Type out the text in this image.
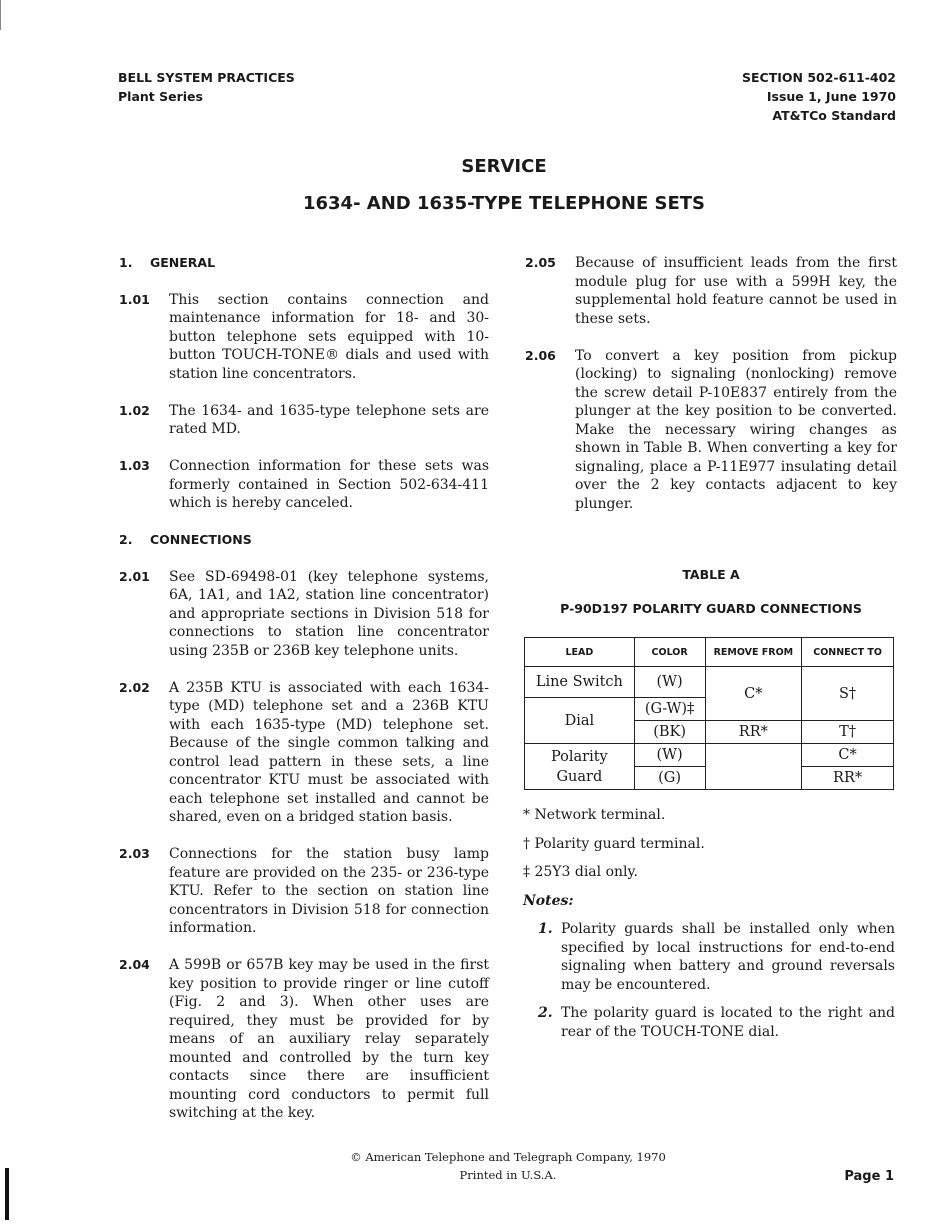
BELL SYSTEM PRACTICES
Plant Series
SECTION 502-611-402
Issue 1, June 1970
AT&TCo Standard
SERVICE
1634- AND 1635-TYPE TELEPHONE SETS
1. GENERAL
1.01 This section contains connection and maintenance information for 18- and 30-button telephone sets equipped with 10-button TOUCH-TONE® dials and used with station line concentrators.
1.02 The 1634- and 1635-type telephone sets are rated MD.
1.03 Connection information for these sets was formerly contained in Section 502-634-411 which is hereby canceled.
2. CONNECTIONS
2.01 See SD-69498-01 (key telephone systems, 6A, 1A1, and 1A2, station line concentrator) and appropriate sections in Division 518 for connections to station line concentrator using 235B or 236B key telephone units.
2.02 A 235B KTU is associated with each 1634-type (MD) telephone set and a 236B KTU with each 1635-type (MD) telephone set. Because of the single common talking and control lead pattern in these sets, a line concentrator KTU must be associated with each telephone set installed and cannot be shared, even on a bridged station basis.
2.03 Connections for the station busy lamp feature are provided on the 235- or 236-type KTU. Refer to the section on station line concentrators in Division 518 for connection information.
2.04 A 599B or 657B key may be used in the first key position to provide ringer or line cutoff (Fig. 2 and 3). When other uses are required, they must be provided for by means of an auxiliary relay separately mounted and controlled by the turn key contacts since there are insufficient mounting cord conductors to permit full switching at the key.
2.05 Because of insufficient leads from the first module plug for use with a 599H key, the supplemental hold feature cannot be used in these sets.
2.06 To convert a key position from pickup (locking) to signaling (nonlocking) remove the screw detail P-10E837 entirely from the plunger at the key position to be converted. Make the necessary wiring changes as shown in Table B. When converting a key for signaling, place a P-11E977 insulating detail over the 2 key contacts adjacent to key plunger.
TABLE A
P-90D197 POLARITY GUARD CONNECTIONS
LEAD	COLOR	REMOVE FROM	CONNECT TO
Line Switch	(W)	C*	S†
Dial	(G-W)‡		
	(BK)	RR*	T†

Polarity
Guard	(W)		C*
	(G)		RR*
* Network terminal.
† Polarity guard terminal.
‡ 25Y3 dial only.
Notes:
1. Polarity guards shall be installed only when specified by local instructions for end-to-end signaling when battery and ground reversals may be encountered.
2. The polarity guard is located to the right and rear of the TOUCH-TONE dial.
© American Telephone and Telegraph Company, 1970
Printed in U.S.A.	Page 1
